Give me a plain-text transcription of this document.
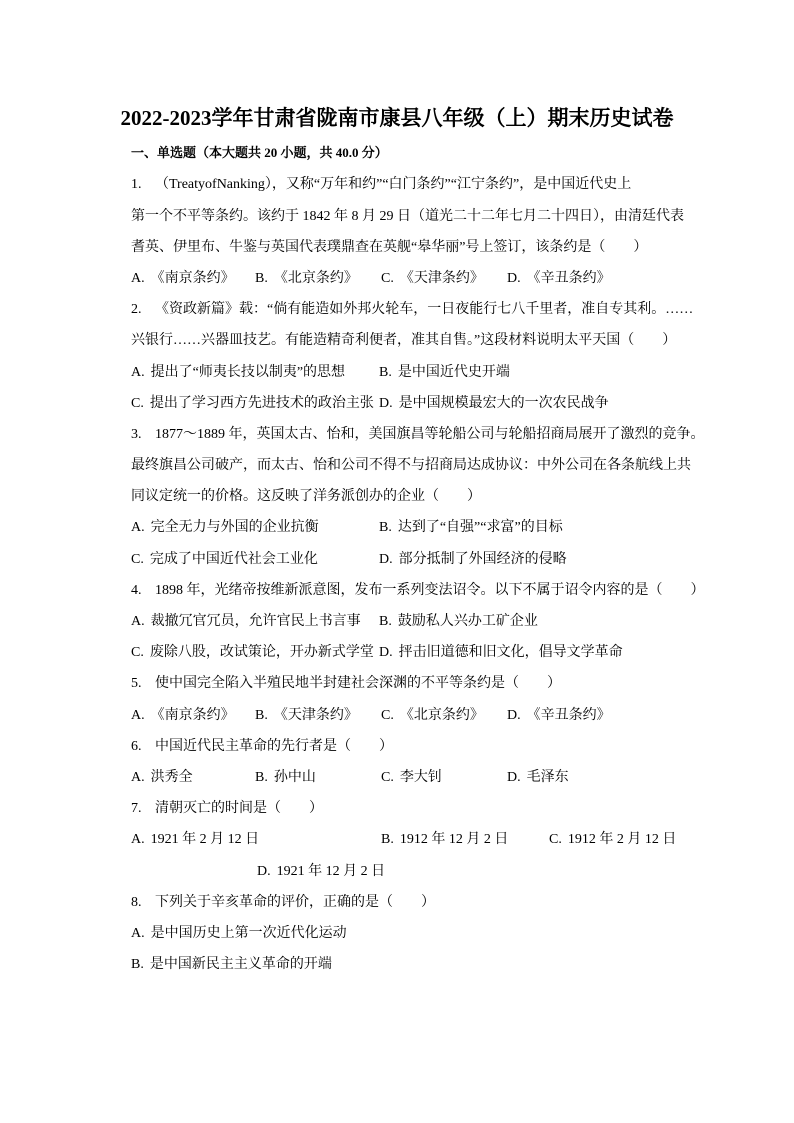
2022-2023学年甘肃省陇南市康县八年级（上）期末历史试卷
一、单选题（本大题共 20 小题，共 40.0 分）
1. （TreatyofNanking），又称“万年和约”“白门条约”“江宁条约”，是中国近代史上
第一个不平等条约。该约于 1842 年 8 月 29 日（道光二十二年七月二十四日），由清廷代表
耆英、伊里布、牛鉴与英国代表璞鼎查在英舰“皋华丽”号上签订，该条约是（　　）
A. 《南京条约》 B. 《北京条约》 C. 《天津条约》 D. 《辛丑条约》
2. 《资政新篇》载：“倘有能造如外邦火轮车，一日夜能行七八千里者，准自专其利。……
兴银行……兴器皿技艺。有能造精奇利便者，准其自售。”这段材料说明太平天国（　　）
A. 提出了“师夷长技以制夷”的思想 B. 是中国近代史开端
C. 提出了学习西方先进技术的政治主张 D. 是中国规模最宏大的一次农民战争
3. 1877～1889 年，英国太古、怡和，美国旗昌等轮船公司与轮船招商局展开了激烈的竞争。
最终旗昌公司破产，而太古、怡和公司不得不与招商局达成协议：中外公司在各条航线上共
同议定统一的价格。这反映了洋务派创办的企业（　　）
A. 完全无力与外国的企业抗衡	B. 达到了“自强”“求富”的目标
C. 完成了中国近代社会工业化	D. 部分抵制了外国经济的侵略
4. 1898 年，光绪帝按维新派意图，发布一系列变法诏令。以下不属于诏令内容的是（　　）
A. 裁撤冗官冗员，允许官民上书言事 B. 鼓励私人兴办工矿企业
C. 废除八股，改试策论，开办新式学堂 D. 抨击旧道德和旧文化，倡导文学革命
5. 使中国完全陷入半殖民地半封建社会深渊的不平等条约是（　　）
A. 《南京条约》 B. 《天津条约》 C. 《北京条约》 D. 《辛丑条约》
6. 中国近代民主革命的先行者是（　　）
A. 洪秀全	B. 孙中山	C. 李大钊	D. 毛泽东
7. 清朝灭亡的时间是（　　）
A. 1921 年 2 月 12 日	B. 1912 年 12 月 2 日	C. 1912 年 2 月 12 日
D. 1921 年 12 月 2 日
8. 下列关于辛亥革命的评价，正确的是（　　）
A. 是中国历史上第一次近代化运动
B. 是中国新民主主义革命的开端
